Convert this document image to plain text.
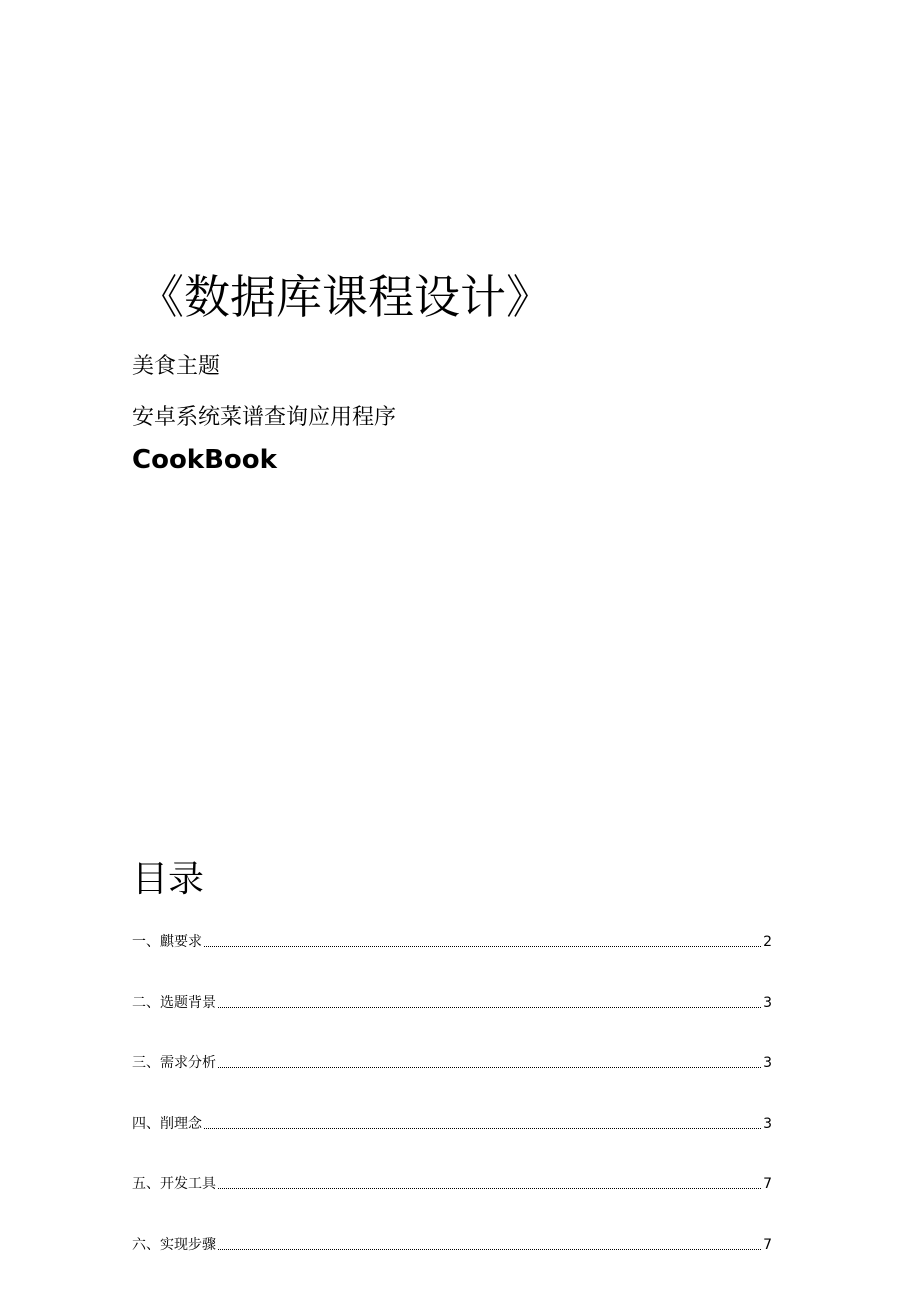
《数据库课程设计》
美食主题
安卓系统菜谱查询应用程序
CookBook
目录
一、麒要求	2
二、选题背景	3
三、需求分析	3
四、削理念	3
五、开发工具	7
六、实现步骤	7
